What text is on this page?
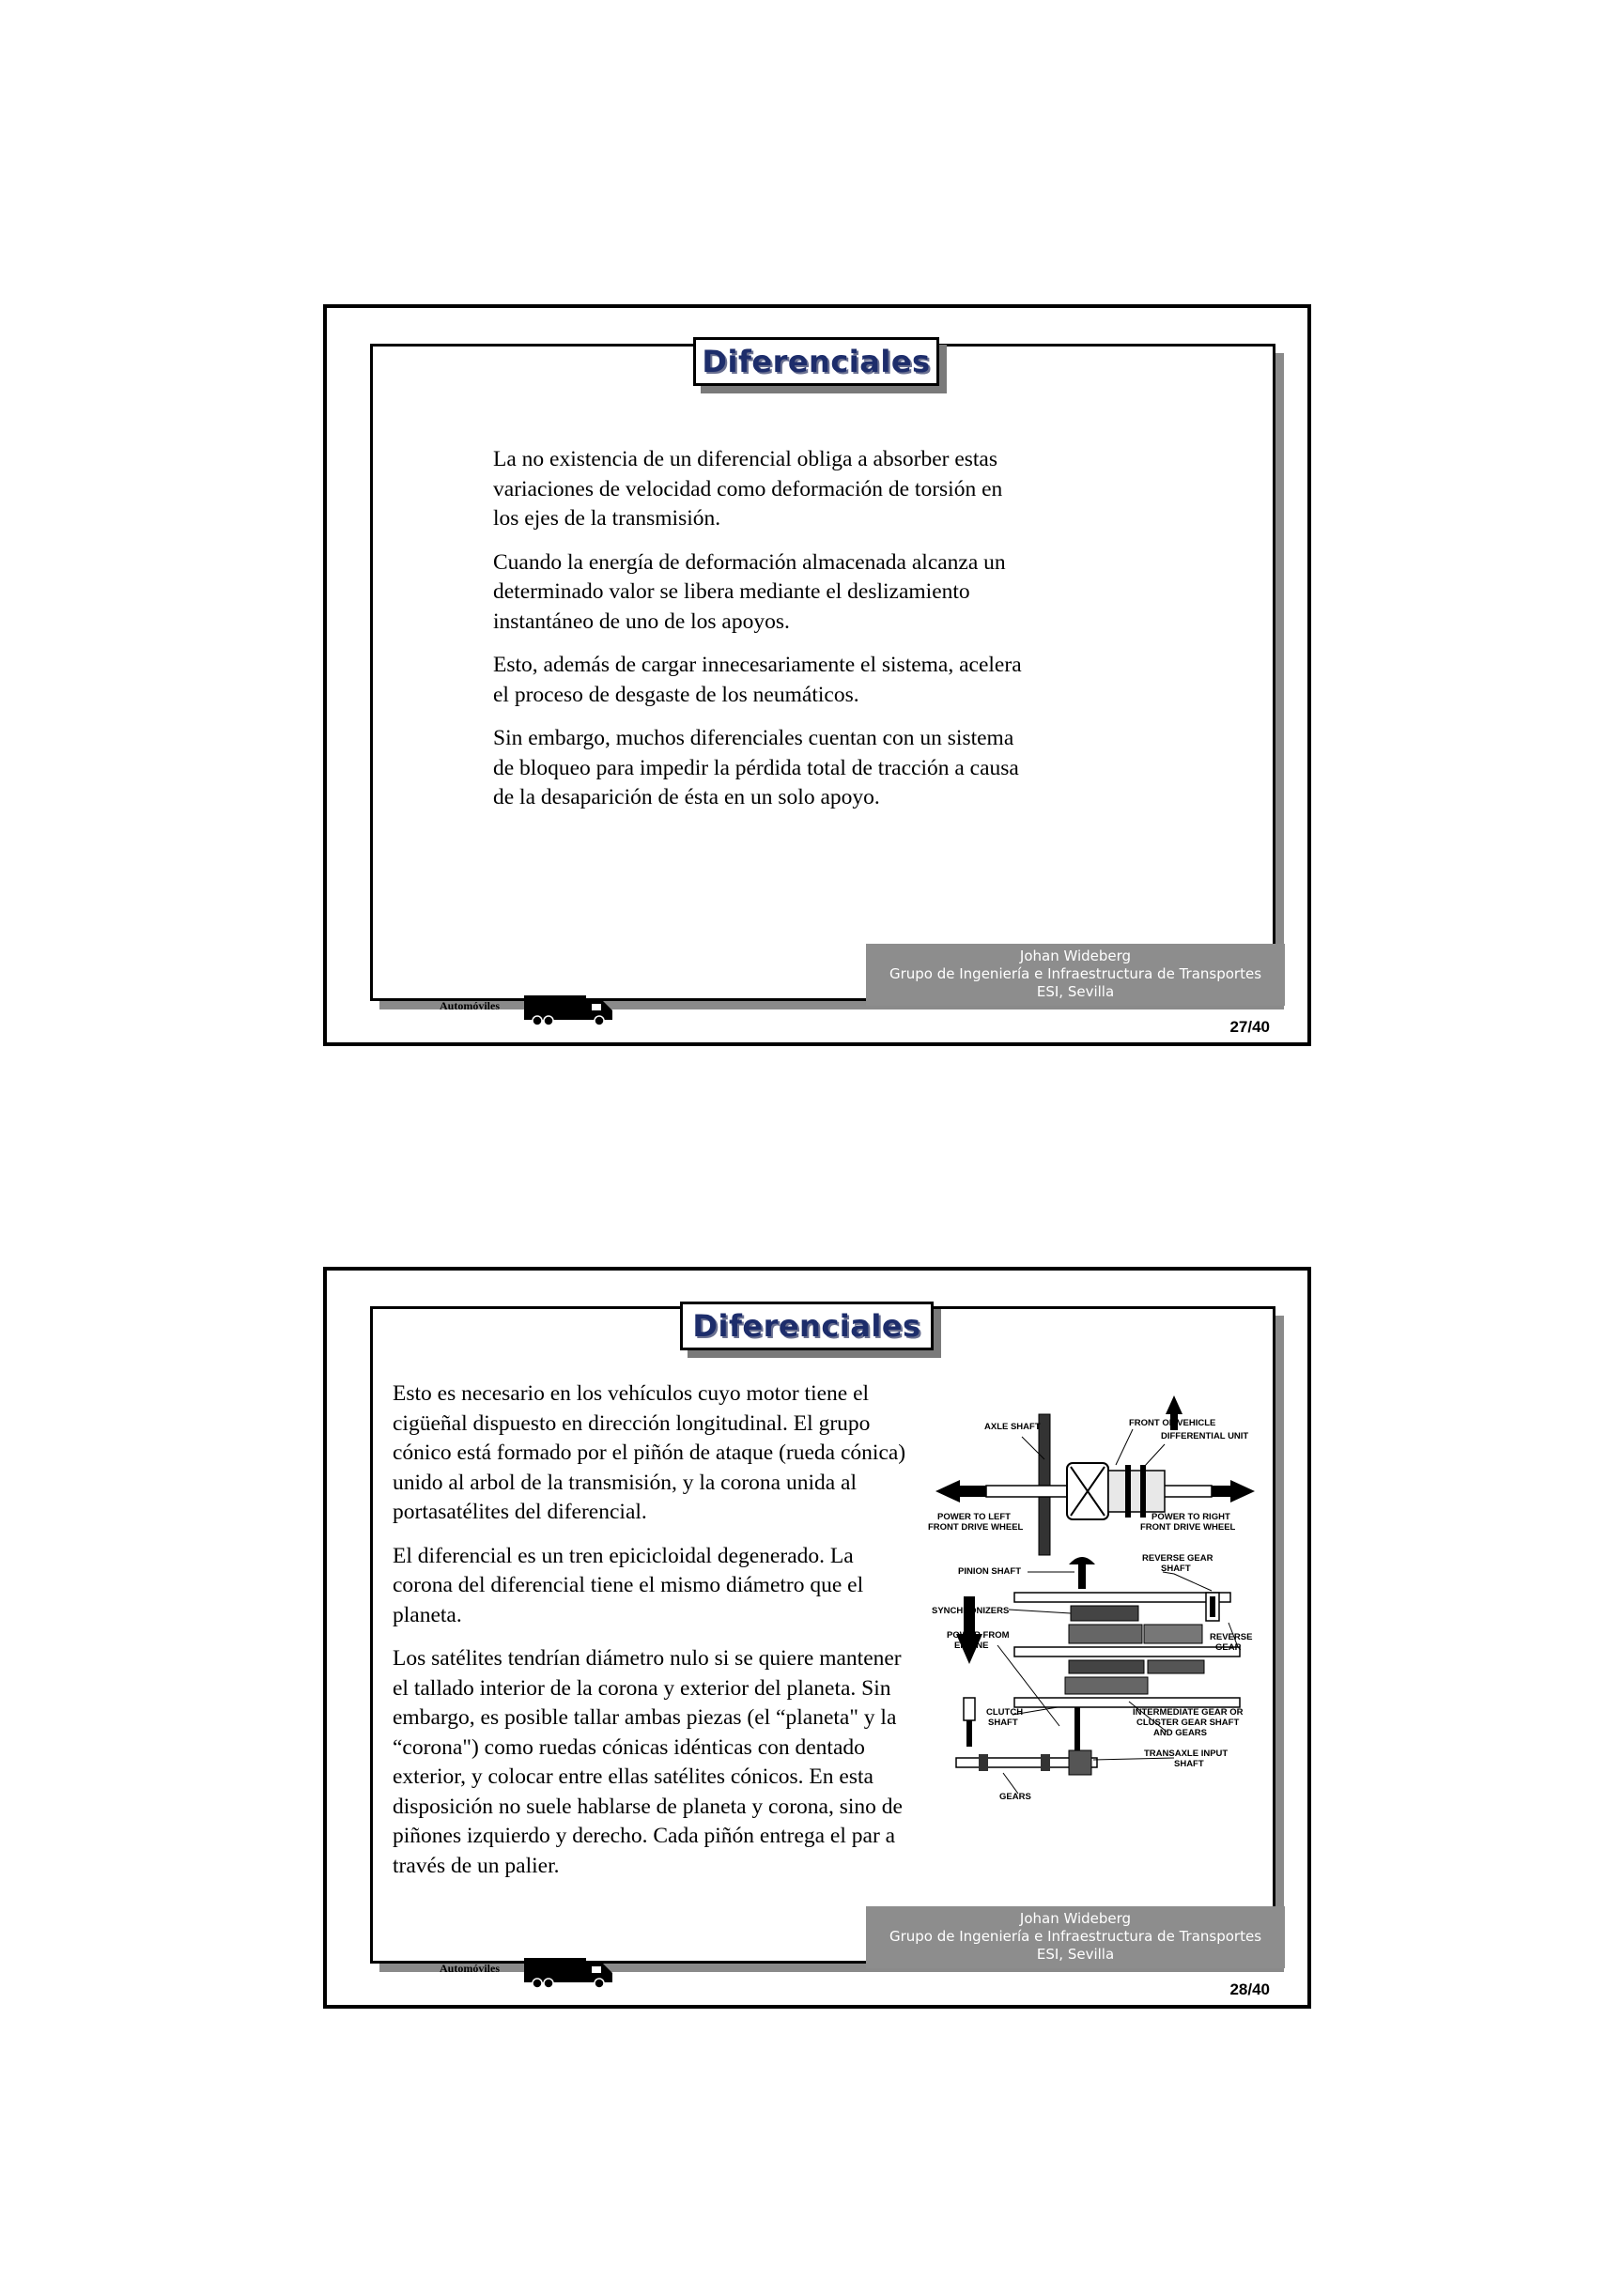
Diferenciales

La no existencia de un diferencial obliga a absorber estas variaciones de velocidad como deformación de torsión en los ejes de la transmisión.

Cuando la energía de deformación almacenada alcanza un determinado valor se libera mediante el deslizamiento instantáneo de uno de los apoyos.

Esto, además de cargar innecesariamente el sistema, acelera el proceso de desgaste de los neumáticos.

Sin embargo, muchos diferenciales cuentan con un sistema de bloqueo para impedir la pérdida total de tracción a causa de la desaparición de ésta en un solo apoyo.

Johan Wideberg
Grupo de Ingeniería e Infraestructura de Transportes
ESI, Sevilla
Automóviles
27/40
Diferenciales

Esto es necesario en los vehículos cuyo motor tiene el cigüeñal dispuesto en dirección longitudinal. El grupo cónico está formado por el piñón de ataque (rueda cónica) unido al arbol de la transmisión, y la corona unida al portasatélites del diferencial.

El diferencial es un tren epicicloidal degenerado. La corona del diferencial tiene el mismo diámetro que el planeta.

Los satélites tendrían diámetro nulo si se quiere mantener el tallado interior de la corona y exterior del planeta. Sin embargo, es posible tallar ambas piezas (el “planeta" y la “corona") como ruedas cónicas idénticas con dentado exterior, y colocar entre ellas satélites cónicos. En esta disposición no suele hablarse de planeta y corona, sino de piñones izquierdo y derecho. Cada piñón entrega el par a través de un palier.

AXLE SHAFT	FRONT OF VEHICLE
DIFFERENTIAL UNIT
POWER TO LEFT
FRONT DRIVE WHEEL
POWER TO RIGHT
FRONT DRIVE WHEEL
PINION SHAFT
REVERSE GEAR
SHAFT
SYNCHRONIZERS
POWER FROM
ENGINE
REVERSE
GEAR
CLUTCH
SHAFT
INTERMEDIATE GEAR OR
CLUSTER GEAR SHAFT
AND GEARS
TRANSAXLE INPUT
SHAFT
GEARS
Johan Wideberg
Grupo de Ingeniería e Infraestructura de Transportes
ESI, Sevilla
Automóviles
28/40
